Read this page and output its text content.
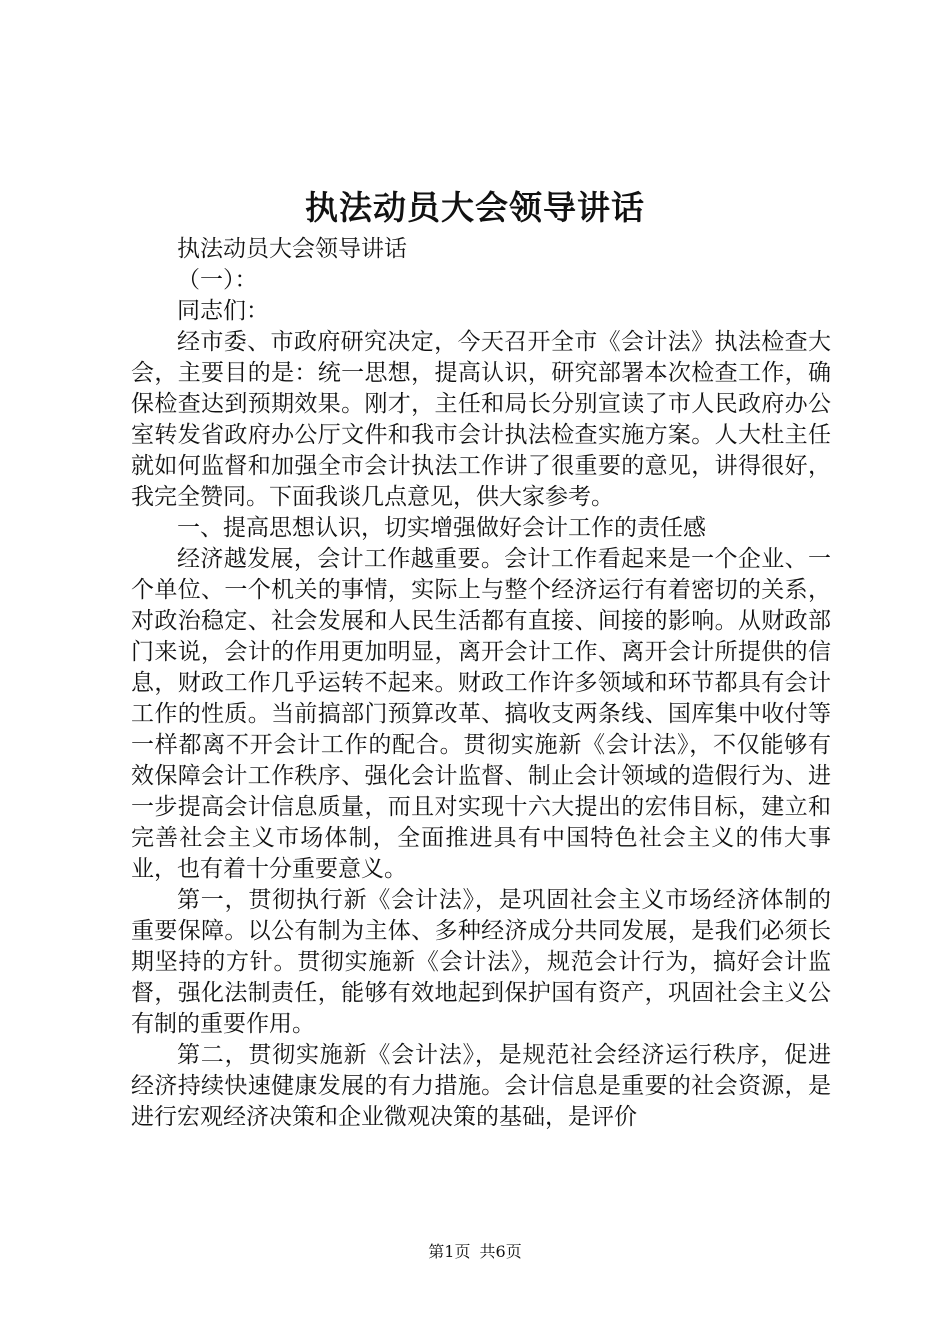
执法动员大会领导讲话

执法动员大会领导讲话

（一）：

同志们：

经市委、市政府研究决定，今天召开全市《会计法》执法检查大会，主要目的是：统一思想，提高认识，研究部署本次检查工作，确保检查达到预期效果。刚才，主任和局长分别宣读了市人民政府办公室转发省政府办公厅文件和我市会计执法检查实施方案。人大杜主任就如何监督和加强全市会计执法工作讲了很重要的意见，讲得很好，我完全赞同。下面我谈几点意见，供大家参考。

一、提高思想认识，切实增强做好会计工作的责任感

经济越发展，会计工作越重要。会计工作看起来是一个企业、一个单位、一个机关的事情，实际上与整个经济运行有着密切的关系，对政治稳定、社会发展和人民生活都有直接、间接的影响。从财政部门来说，会计的作用更加明显，离开会计工作、离开会计所提供的信息，财政工作几乎运转不起来。财政工作许多领域和环节都具有会计工作的性质。当前搞部门预算改革、搞收支两条线、国库集中收付等一样都离不开会计工作的配合。贯彻实施新《会计法》，不仅能够有效保障会计工作秩序、强化会计监督、制止会计领域的造假行为、进一步提高会计信息质量，而且对实现十六大提出的宏伟目标，建立和完善社会主义市场体制，全面推进具有中国特色社会主义的伟大事业，也有着十分重要意义。

第一，贯彻执行新《会计法》，是巩固社会主义市场经济体制的重要保障。以公有制为主体、多种经济成分共同发展，是我们必须长期坚持的方针。贯彻实施新《会计法》，规范会计行为，搞好会计监督，强化法制责任，能够有效地起到保护国有资产，巩固社会主义公有制的重要作用。

第二，贯彻实施新《会计法》，是规范社会经济运行秩序，促进经济持续快速健康发展的有力措施。会计信息是重要的社会资源，是进行宏观经济决策和企业微观决策的基础，是评价

第1页 共6页
